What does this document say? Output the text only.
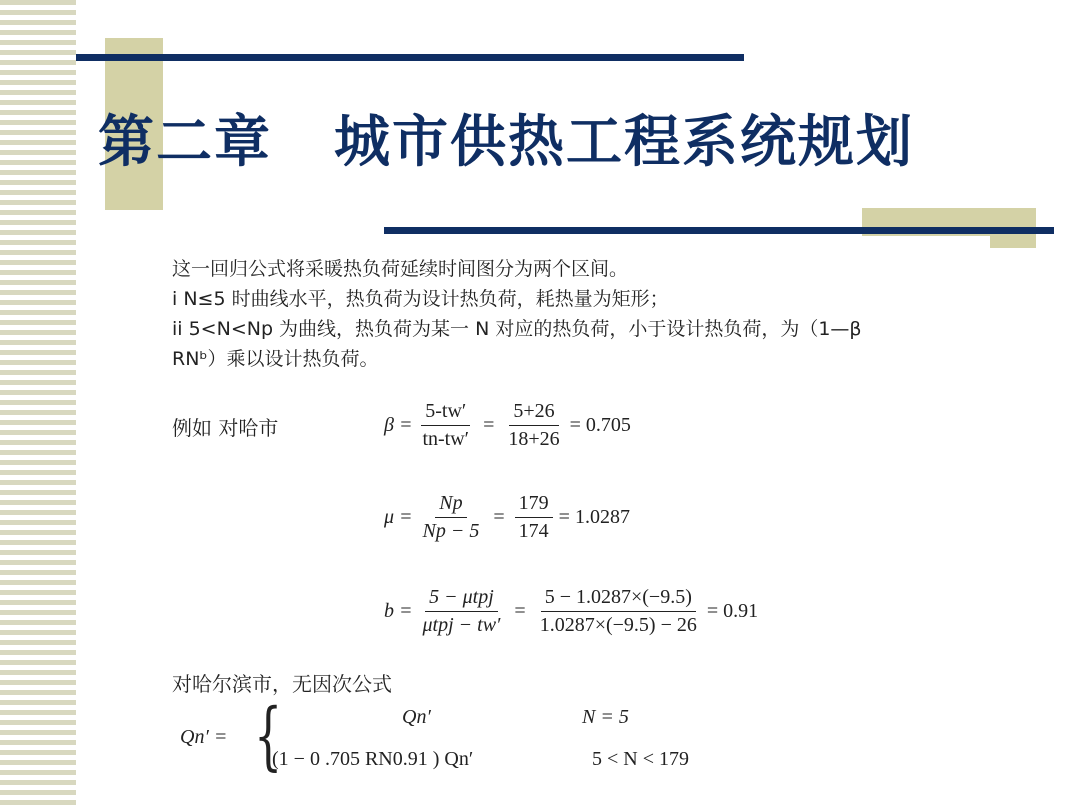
第二章 城市供热工程系统规划

这一回归公式将采暖热负荷延续时间图分为两个区间。

i N≤5 时曲线水平，热负荷为设计热负荷，耗热量为矩形；

ii 5<N<Np 为曲线，热负荷为某一 N 对应的热负荷，小于设计热负荷，为（1—β

RNᵇ）乘以设计热负荷。

例如 对哈市	$\beta = \frac{5-tw'}{tn-tw'} = \frac{5+26}{18+26} = 0.705$
$\mu = \frac{Np}{Np - 5} = \frac{179}{174} = 1.0287$
$b = \frac{\text{5 − μtpj}}{\text{μtpj − tw′}} = \frac{5 - 1.0287\times(-9.5)}{1.0287\times(-9.5) - 26} = 0.91$
对哈尔滨市，无因次公式
Qn′ = {	Qn′	N = 5
(1 − 0 .705 RN0.91 ) Qn′	5 < N < 179
